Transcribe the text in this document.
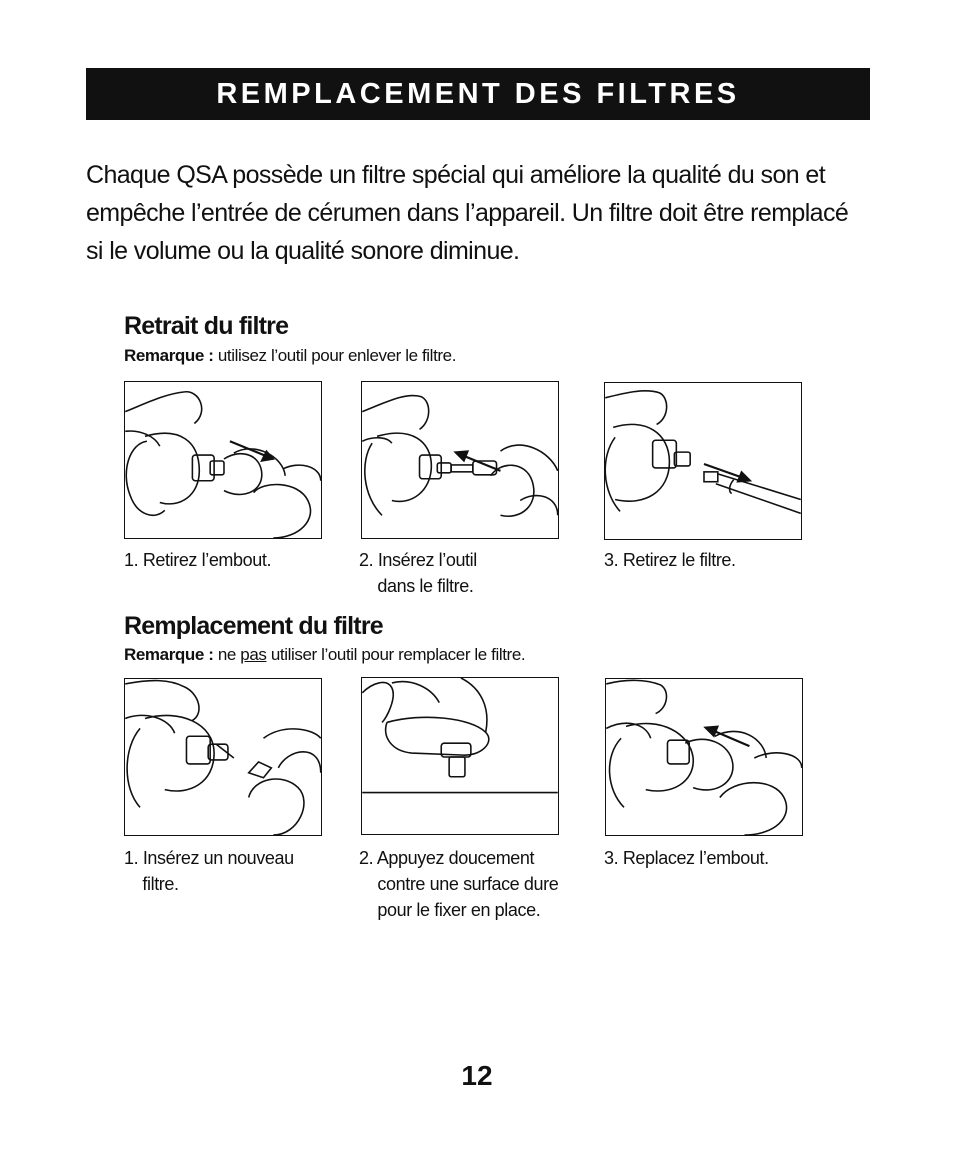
REMPLACEMENT DES FILTRES
Chaque QSA possède un filtre spécial qui améliore la qualité du son et
empêche l’entrée de cérumen dans l’appareil. Un filtre doit être remplacé
si le volume ou la qualité sonore diminue.
Retrait du filtre
Remarque : utilisez l’outil pour enlever le filtre.
1. Retirez l’embout.	2. Insérez l’outil
dans le filtre.
3. Retirez le filtre.
Remplacement du filtre
Remarque : ne pas utiliser l’outil pour remplacer le filtre.
1. Insérez un nouveau
filtre.
2. Appuyez doucement
contre une surface dure
pour le fixer en place.
3. Replacez l’embout.
12
